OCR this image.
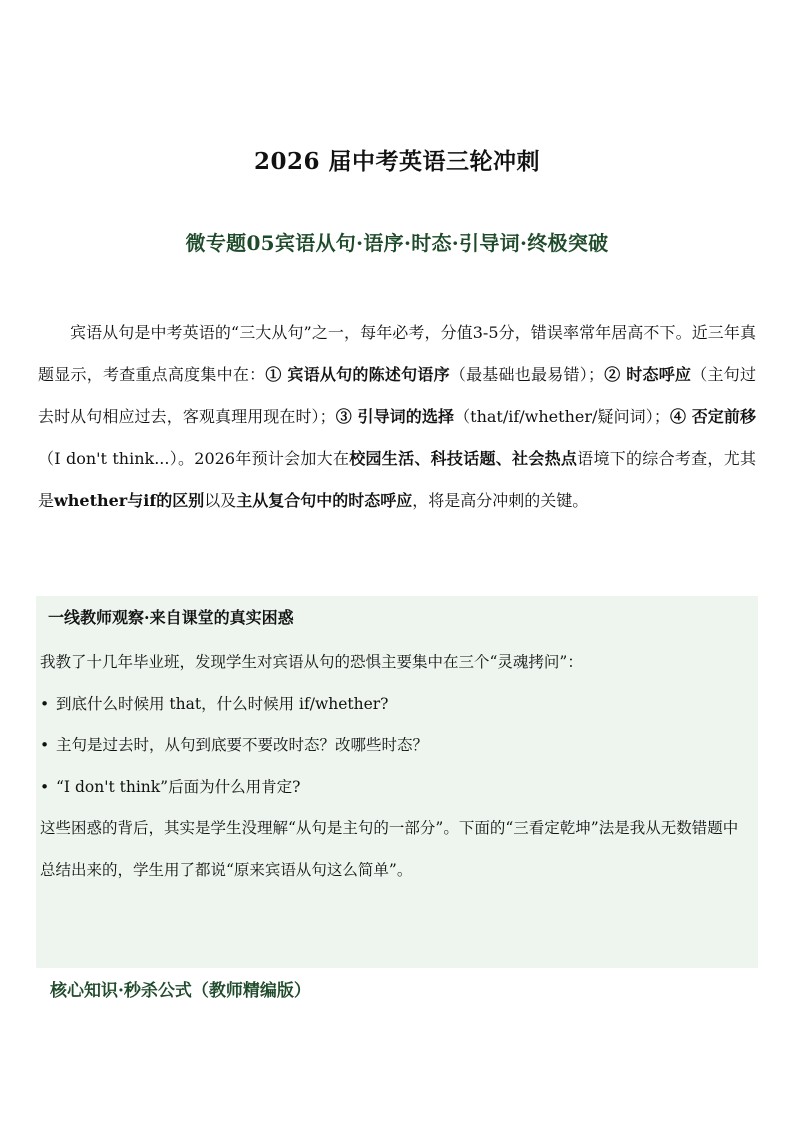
2026 届中考英语三轮冲刺
微专题05宾语从句·语序·时态·引导词·终极突破

宾语从句是中考英语的“三大从句”之一，每年必考，分值3-5分，错误率常年居高不下。近三年真题显示，考查重点高度集中在：① 宾语从句的陈述句语序（最基础也最易错）；② 时态呼应（主句过去时从句相应过去，客观真理用现在时）；③ 引导词的选择（that/if/whether/疑问词）；④ 否定前移（I don't think...）。2026年预计会加大在校园生活、科技话题、社会热点语境下的综合考查，尤其是whether与if的区别以及主从复合句中的时态呼应，将是高分冲刺的关键。

一线教师观察·来自课堂的真实困惑

我教了十几年毕业班，发现学生对宾语从句的恐惧主要集中在三个“灵魂拷问”：

• 到底什么时候用 that，什么时候用 if/whether?

• 主句是过去时，从句到底要不要改时态？改哪些时态？

• “I don't think”后面为什么用肯定?

这些困惑的背后，其实是学生没理解“从句是主句的一部分”。下面的“三看定乾坤”法是我从无数错题中总结出来的，学生用了都说“原来宾语从句这么简单”。

核心知识·秒杀公式（教师精编版）
